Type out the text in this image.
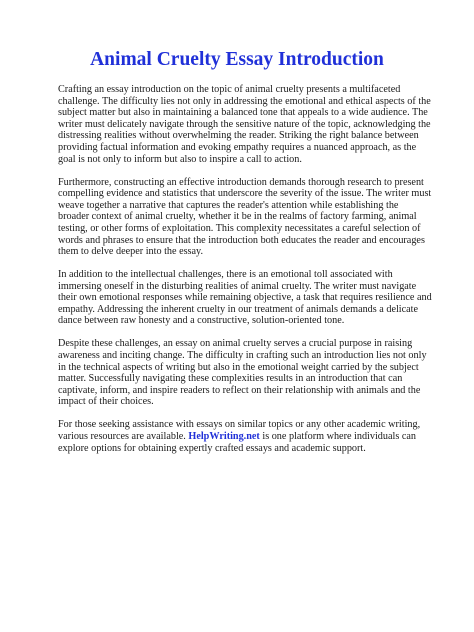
Animal Cruelty Essay Introduction

Crafting an essay introduction on the topic of animal cruelty presents a multifaceted challenge. The difficulty lies not only in addressing the emotional and ethical aspects of the subject matter but also in maintaining a balanced tone that appeals to a wide audience. The writer must delicately navigate through the sensitive nature of the topic, acknowledging the distressing realities without overwhelming the reader. Striking the right balance between providing factual information and evoking empathy requires a nuanced approach, as the goal is not only to inform but also to inspire a call to action.

Furthermore, constructing an effective introduction demands thorough research to present compelling evidence and statistics that underscore the severity of the issue. The writer must weave together a narrative that captures the reader's attention while establishing the broader context of animal cruelty, whether it be in the realms of factory farming, animal testing, or other forms of exploitation. This complexity necessitates a careful selection of words and phrases to ensure that the introduction both educates the reader and encourages them to delve deeper into the essay.

In addition to the intellectual challenges, there is an emotional toll associated with immersing oneself in the disturbing realities of animal cruelty. The writer must navigate their own emotional responses while remaining objective, a task that requires resilience and empathy. Addressing the inherent cruelty in our treatment of animals demands a delicate dance between raw honesty and a constructive, solution-oriented tone.

Despite these challenges, an essay on animal cruelty serves a crucial purpose in raising awareness and inciting change. The difficulty in crafting such an introduction lies not only in the technical aspects of writing but also in the emotional weight carried by the subject matter. Successfully navigating these complexities results in an introduction that can captivate, inform, and inspire readers to reflect on their relationship with animals and the impact of their choices.

For those seeking assistance with essays on similar topics or any other academic writing, various resources are available. HelpWriting.net is one platform where individuals can explore options for obtaining expertly crafted essays and academic support.
